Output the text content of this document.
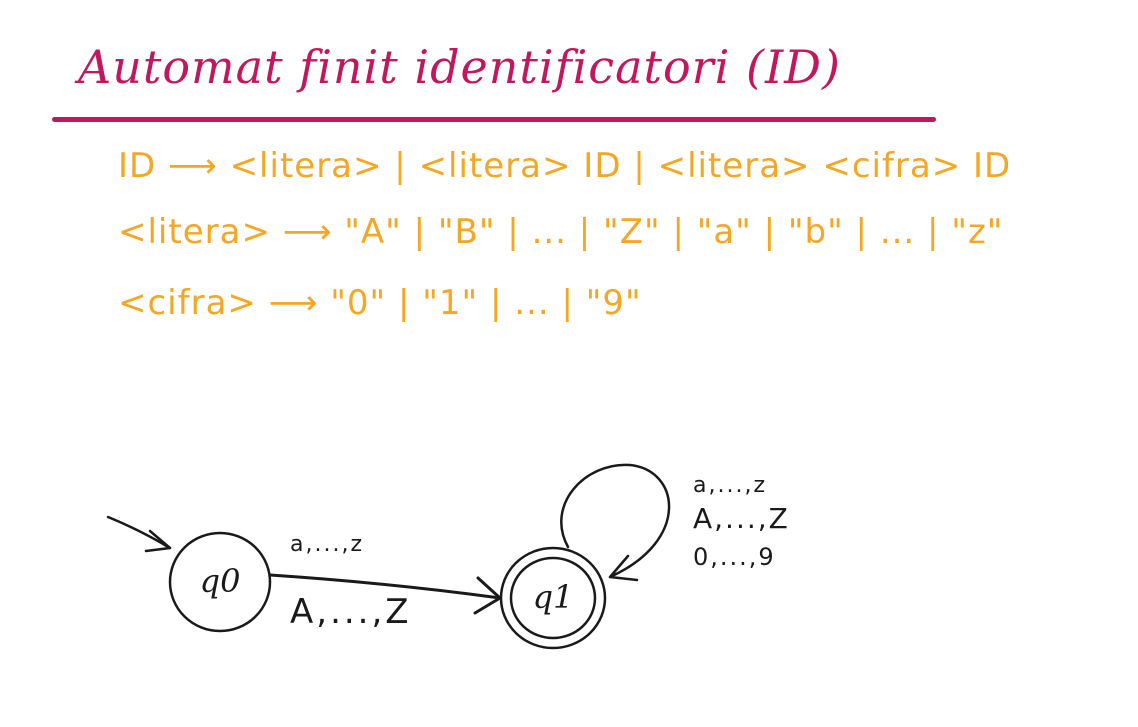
Automat finit identificatori (ID)
ID ⟶ <litera> | <litera> ID | <litera> <cifra> ID
<litera> ⟶ "A" | "B" | ... | "Z" | "a" | "b" | ... | "z"
<cifra> ⟶ "0" | "1" | ... | "9"
q0
a,...,z
A,...,Z	q1
a,...,z
A,...,Z
0,...,9
